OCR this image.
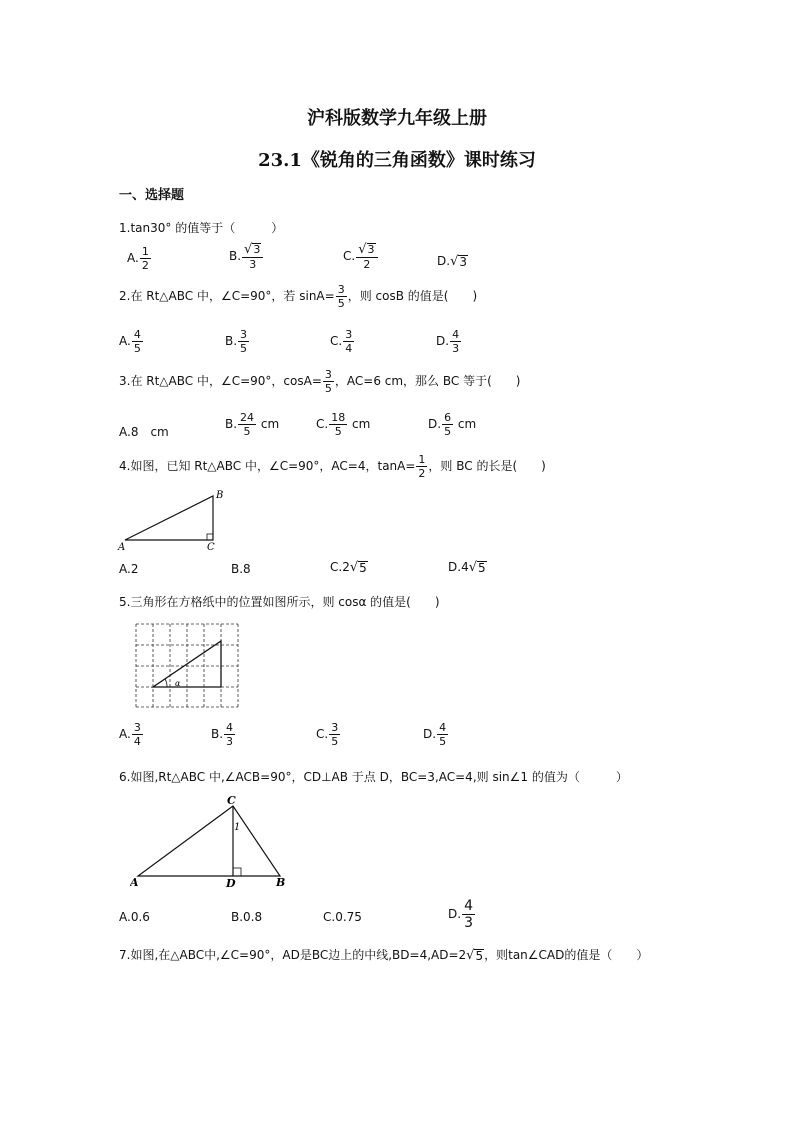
沪科版数学九年级上册
23.1《锐角的三角函数》课时练习
一、选择题
1.tan30° 的值等于（　　　）
A. $\frac{1}{2}$	B. $\frac{√ 3}{3}$	C. $\frac{√ 3}{2}$	D. √ 3
2.在 Rt△ABC 中，∠C=90°，若 $\sin A= \frac{3}{5}$ ，则 cosB 的值是(　　)
A. $\frac{4}{5}$	B. $\frac{3}{5}$	C. $\frac{3}{4}$	D. $\frac{4}{3}$
3.在 Rt△ABC 中，∠C=90°，$\cos A= \frac{3}{5}$ ，AC=6 cm，那么 BC 等于(　　)
A.8　cm
B. $\frac{24}{5}$ cm	C. $\frac{18}{5}$ cm	D. $\frac{6}{5}$ cm
4.如图，已知 Rt△ABC 中，∠C=90°，AC=4，$\tan A= \frac{1}{2}$ ，则 BC 的长是(　　)
A
B
C
A.2	B.8	C.2 √ 5	D.4 √ 5
5.三角形在方格纸中的位置如图所示，则 cosα 的值是(　　)
α
A. $\frac{3}{4}$	B. $\frac{4}{3}$	C. $\frac{3}{5}$	D. $\frac{4}{5}$
6.如图,Rt△ABC 中,∠ACB=90°，CD⊥AB 于点 D，BC=3,AC=4,则 sin∠1 的值为（　　　）
A	B
C
D
1
A.0.6	B.0.8	C.0.75	D. $\frac{4}{3}$
7.如图,在△ABC中,∠C=90°，AD是BC边上的中线,BD=4,AD=2 √ 5 ，则tan∠CAD的值是（　　）
